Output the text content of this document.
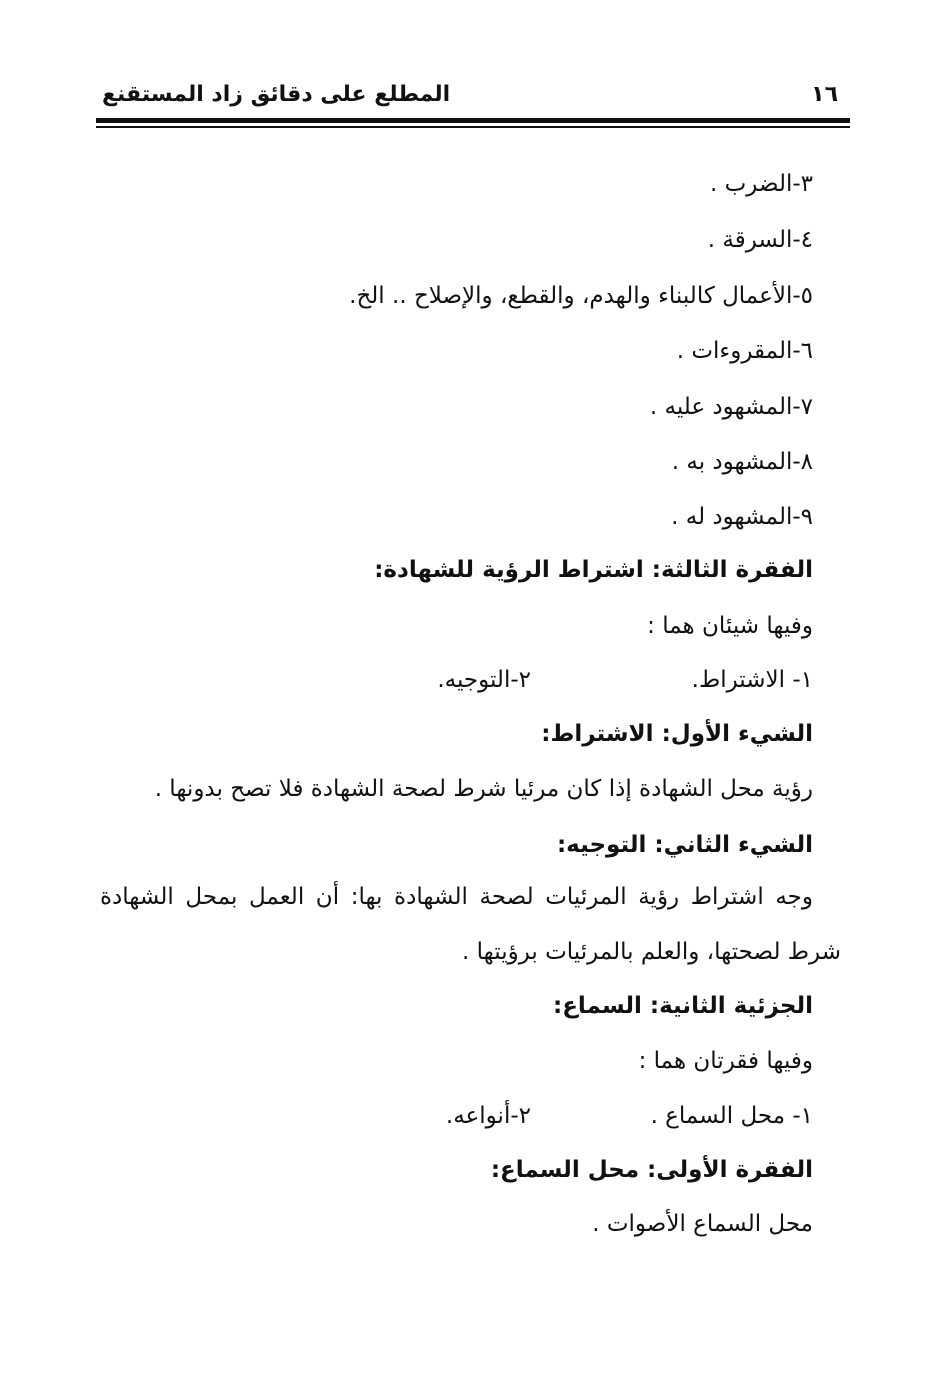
١٦
المطلع على دقائق زاد المستقنع
٣-الضرب .
٤-السرقة .
٥-الأعمال كالبناء والهدم، والقطع، والإصلاح .. الخ.
٦-المقروءات .
٧-المشهود عليه .
٨-المشهود به .
٩-المشهود له .
الفقرة الثالثة: اشتراط الرؤية للشهادة:
وفيها شيئان هما :
١- الاشتراط.
٢-التوجيه.
الشيء الأول: الاشتراط:
رؤية محل الشهادة إذا كان مرئيا شرط لصحة الشهادة فلا تصح بدونها .
الشيء الثاني: التوجيه:
وجه اشتراط رؤية المرئيات لصحة الشهادة بها: أن العمل بمحل الشهادة
شرط لصحتها، والعلم بالمرئيات برؤيتها .
الجزئية الثانية: السماع:
وفيها فقرتان هما :
١- محل السماع .
٢-أنواعه.
الفقرة الأولى: محل السماع:
محل السماع الأصوات .
